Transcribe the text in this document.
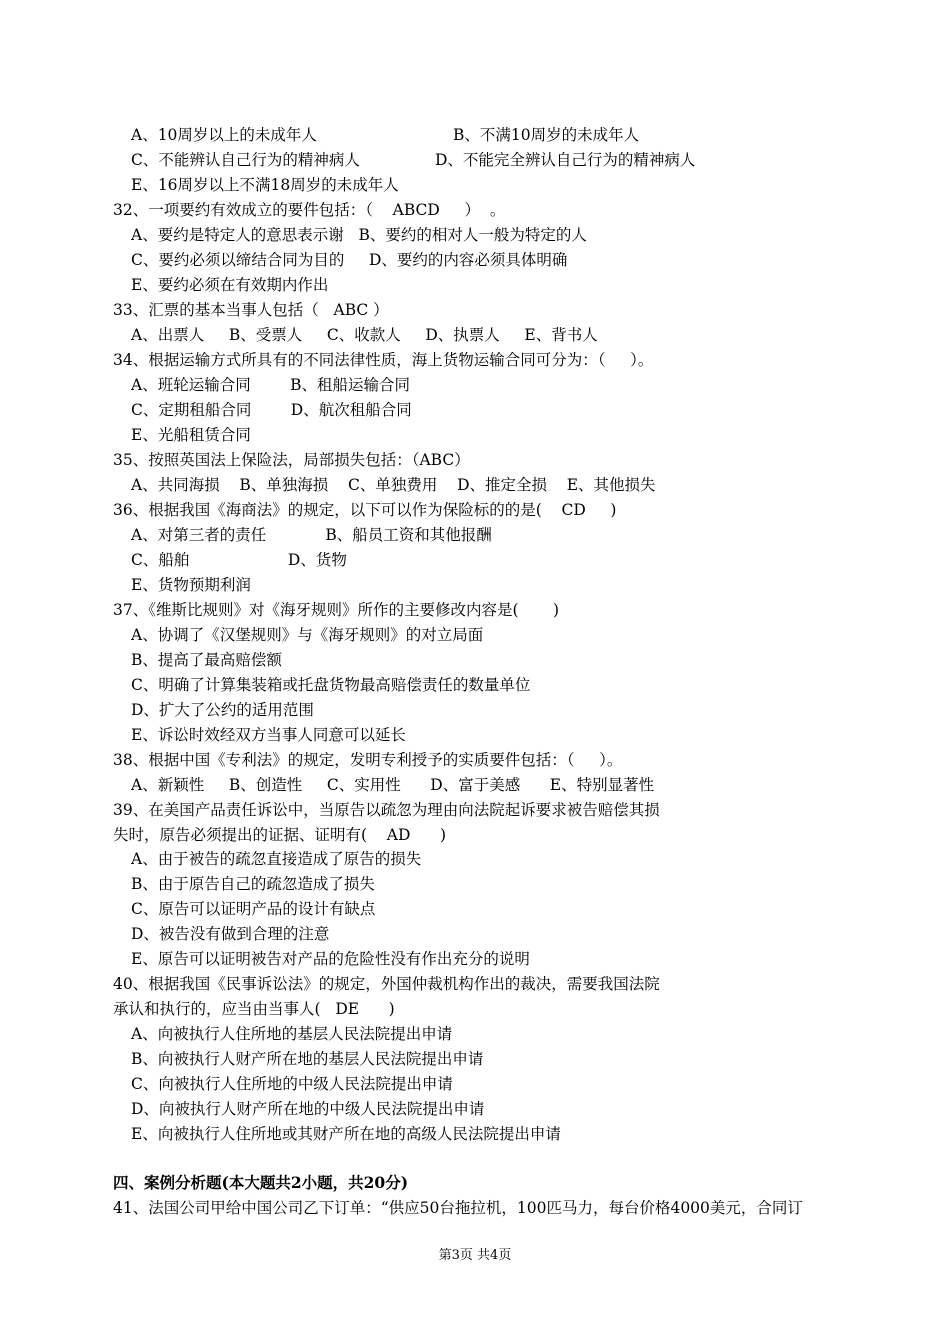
A、10周岁以上的未成年人	B、不满10周岁的未成年人
C、不能辨认自己行为的精神病人	D、不能完全辨认自己行为的精神病人
E、16周岁以上不满18周岁的未成年人
32、一项要约有效成立的要件包括：（    ABCD     ）  。
A、要约是特定人的意思表示谢   B、要约的相对人一般为特定的人
C、要约必须以缔结合同为目的     D、要约的内容必须具体明确
E、要约必须在有效期内作出
33、汇票的基本当事人包括（   ABC ）
A、出票人     B、受票人     C、收款人     D、执票人     E、背书人
34、根据运输方式所具有的不同法律性质，海上货物运输合同可分为：（     ）。
A、班轮运输合同        B、租船运输合同
C、定期租船合同        D、航次租船合同
E、光船租赁合同
35、按照英国法上保险法，局部损失包括：（ABC）
A、共同海损    B、单独海损    C、单独费用    D、推定全损    E、其他损失
36、根据我国《海商法》的规定，以下可以作为保险标的的是(    CD     )
A、对第三者的责任            B、船员工资和其他报酬
C、船舶                    D、货物
E、货物预期利润
37、《维斯比规则》对《海牙规则》所作的主要修改内容是(       )
A、协调了《汉堡规则》与《海牙规则》的对立局面
B、提高了最高赔偿额
C、明确了计算集装箱或托盘货物最高赔偿责任的数量单位
D、扩大了公约的适用范围
E、诉讼时效经双方当事人同意可以延长
38、根据中国《专利法》的规定，发明专利授予的实质要件包括：（     ）。
A、新颖性     B、创造性     C、实用性      D、富于美感      E、特别显著性
39、在美国产品责任诉讼中，当原告以疏忽为理由向法院起诉要求被告赔偿其损
失时，原告必须提出的证据、证明有(    AD      )
A、由于被告的疏忽直接造成了原告的损失
B、由于原告自己的疏忽造成了损失
C、原告可以证明产品的设计有缺点
D、被告没有做到合理的注意
E、原告可以证明被告对产品的危险性没有作出充分的说明
40、根据我国《民事诉讼法》的规定，外国仲裁机构作出的裁决，需要我国法院
承认和执行的，应当由当事人(   DE      )
A、向被执行人住所地的基层人民法院提出申请
B、向被执行人财产所在地的基层人民法院提出申请
C、向被执行人住所地的中级人民法院提出申请
D、向被执行人财产所在地的中级人民法院提出申请
E、向被执行人住所地或其财产所在地的高级人民法院提出申请
四、案例分析题(本大题共2小题，共20分)
41、法国公司甲给中国公司乙下订单：“供应50台拖拉机，100匹马力，每台价格4000美元，合同订
第3页 共4页
